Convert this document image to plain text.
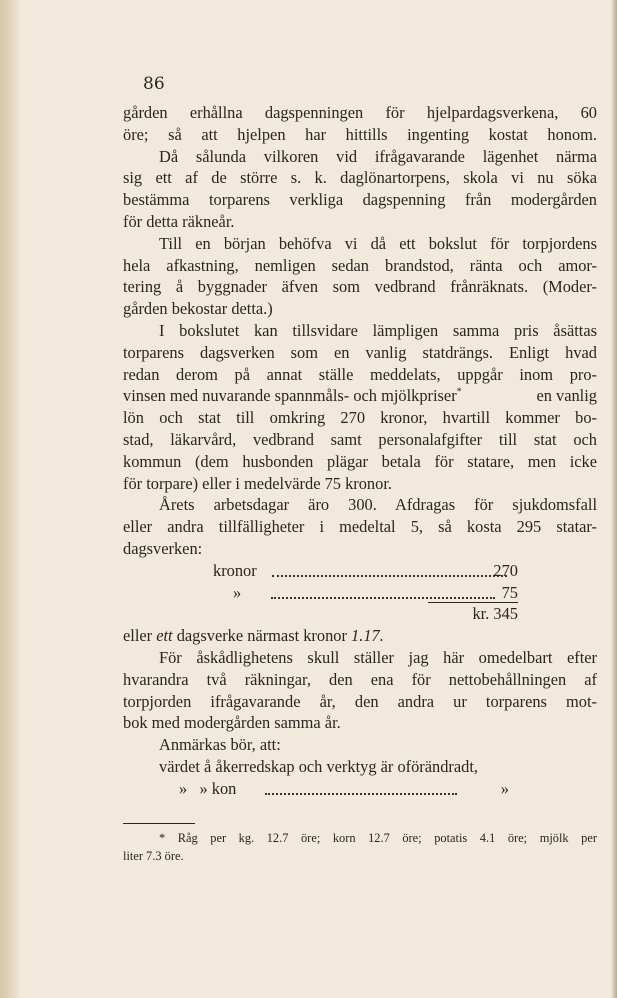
86
gården erhållna dagspenningen för hjelpardagsverkena, 60
öre; så att hjelpen har hittills ingenting kostat honom.
Då sålunda vilkoren vid ifrågavarande lägenhet närma
sig ett af de större s. k. daglönartorpens, skola vi nu söka
bestämma torparens verkliga dagspenning från modergården
för detta räkneår.
Till en början behöfva vi då ett bokslut för torpjordens
hela afkastning, nemligen sedan brandstod, ränta och amor-
tering å byggnader äfven som vedbrand frånräknats. (Moder-
gården bekostar detta.)
I bokslutet kan tillsvidare lämpligen samma pris åsättas
torparens dagsverken som en vanlig statdrängs. Enligt hvad
redan derom på annat ställe meddelats, uppgår inom pro-
vinsen med nuvarande spannmåls- och mjölkpriser*	en vanlig
lön och stat till omkring 270 kronor, hvartill kommer bo-
stad, läkarvård, vedbrand samt personalafgifter till stat och
kommun (dem husbonden plägar betala för statare, men icke
för torpare) eller i medelvärde 75 kronor.
Årets arbetsdagar äro 300. Afdragas för sjukdomsfall
eller andra tillfälligheter i medeltal 5, så kosta 295 statar-
dagsverken:
kronor	270
»	75
kr. 345
eller ett dagsverke närmast kronor 1.17.
För åskådlighetens skull ställer jag här omedelbart efter
hvarandra två räkningar, den ena för nettobehållningen af
torpjorden ifrågavarande år, den andra ur torparens mot-
bok med modergården samma år.
Anmärkas bör, att:
värdet å åkerredskap och verktyg är oförändradt,
»   » kon	»
* Råg per kg. 12.7 öre; korn 12.7 öre; potatis 4.1 öre; mjölk per
liter 7.3 öre.
